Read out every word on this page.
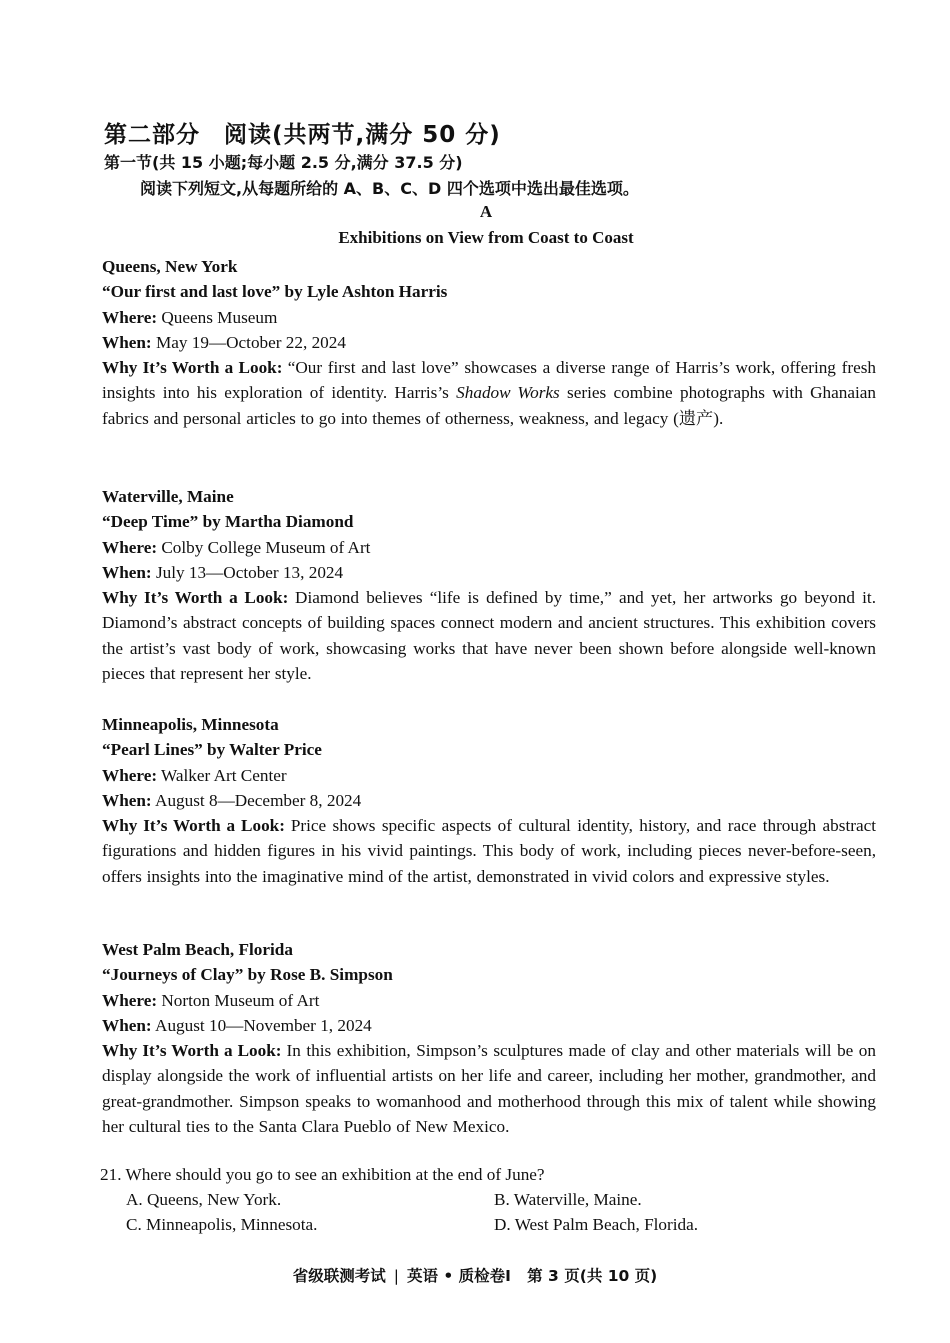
第二部分　阅读(共两节,满分 50 分)
第一节(共 15 小题;每小题 2.5 分,满分 37.5 分)
阅读下列短文,从每题所给的 A、B、C、D 四个选项中选出最佳选项。
A
Exhibitions on View from Coast to Coast
Queens, New York
“Our first and last love” by Lyle Ashton Harris
Where: Queens Museum
When: May 19—October 22, 2024
Why It’s Worth a Look: “Our first and last love” showcases a diverse range of Harris’s work, offering fresh insights into his exploration of identity. Harris’s Shadow Works series combine photographs with Ghanaian fabrics and personal articles to go into themes of otherness, weakness, and legacy (遗产).
Waterville, Maine
“Deep Time” by Martha Diamond
Where: Colby College Museum of Art
When: July 13—October 13, 2024
Why It’s Worth a Look: Diamond believes “life is defined by time,” and yet, her artworks go beyond it. Diamond’s abstract concepts of building spaces connect modern and ancient structures. This exhibition covers the artist’s vast body of work, showcasing works that have never been shown before alongside well-known pieces that represent her style.
Minneapolis, Minnesota
“Pearl Lines” by Walter Price
Where: Walker Art Center
When: August 8—December 8, 2024
Why It’s Worth a Look: Price shows specific aspects of cultural identity, history, and race through abstract figurations and hidden figures in his vivid paintings. This body of work, including pieces never-before-seen, offers insights into the imaginative mind of the artist, demonstrated in vivid colors and expressive styles.
West Palm Beach, Florida
“Journeys of Clay” by Rose B. Simpson
Where: Norton Museum of Art
When: August 10—November 1, 2024
Why It’s Worth a Look: In this exhibition, Simpson’s sculptures made of clay and other materials will be on display alongside the work of influential artists on her life and career, including her mother, grandmother, and great-grandmother. Simpson speaks to womanhood and motherhood through this mix of talent while showing her cultural ties to the Santa Clara Pueblo of New Mexico.
21. Where should you go to see an exhibition at the end of June?
A. Queens, New York.	B. Waterville, Maine.
C. Minneapolis, Minnesota.	D. West Palm Beach, Florida.
省级联测考试 | 英语 • 质检卷Ⅰ 第 3 页(共 10 页)
